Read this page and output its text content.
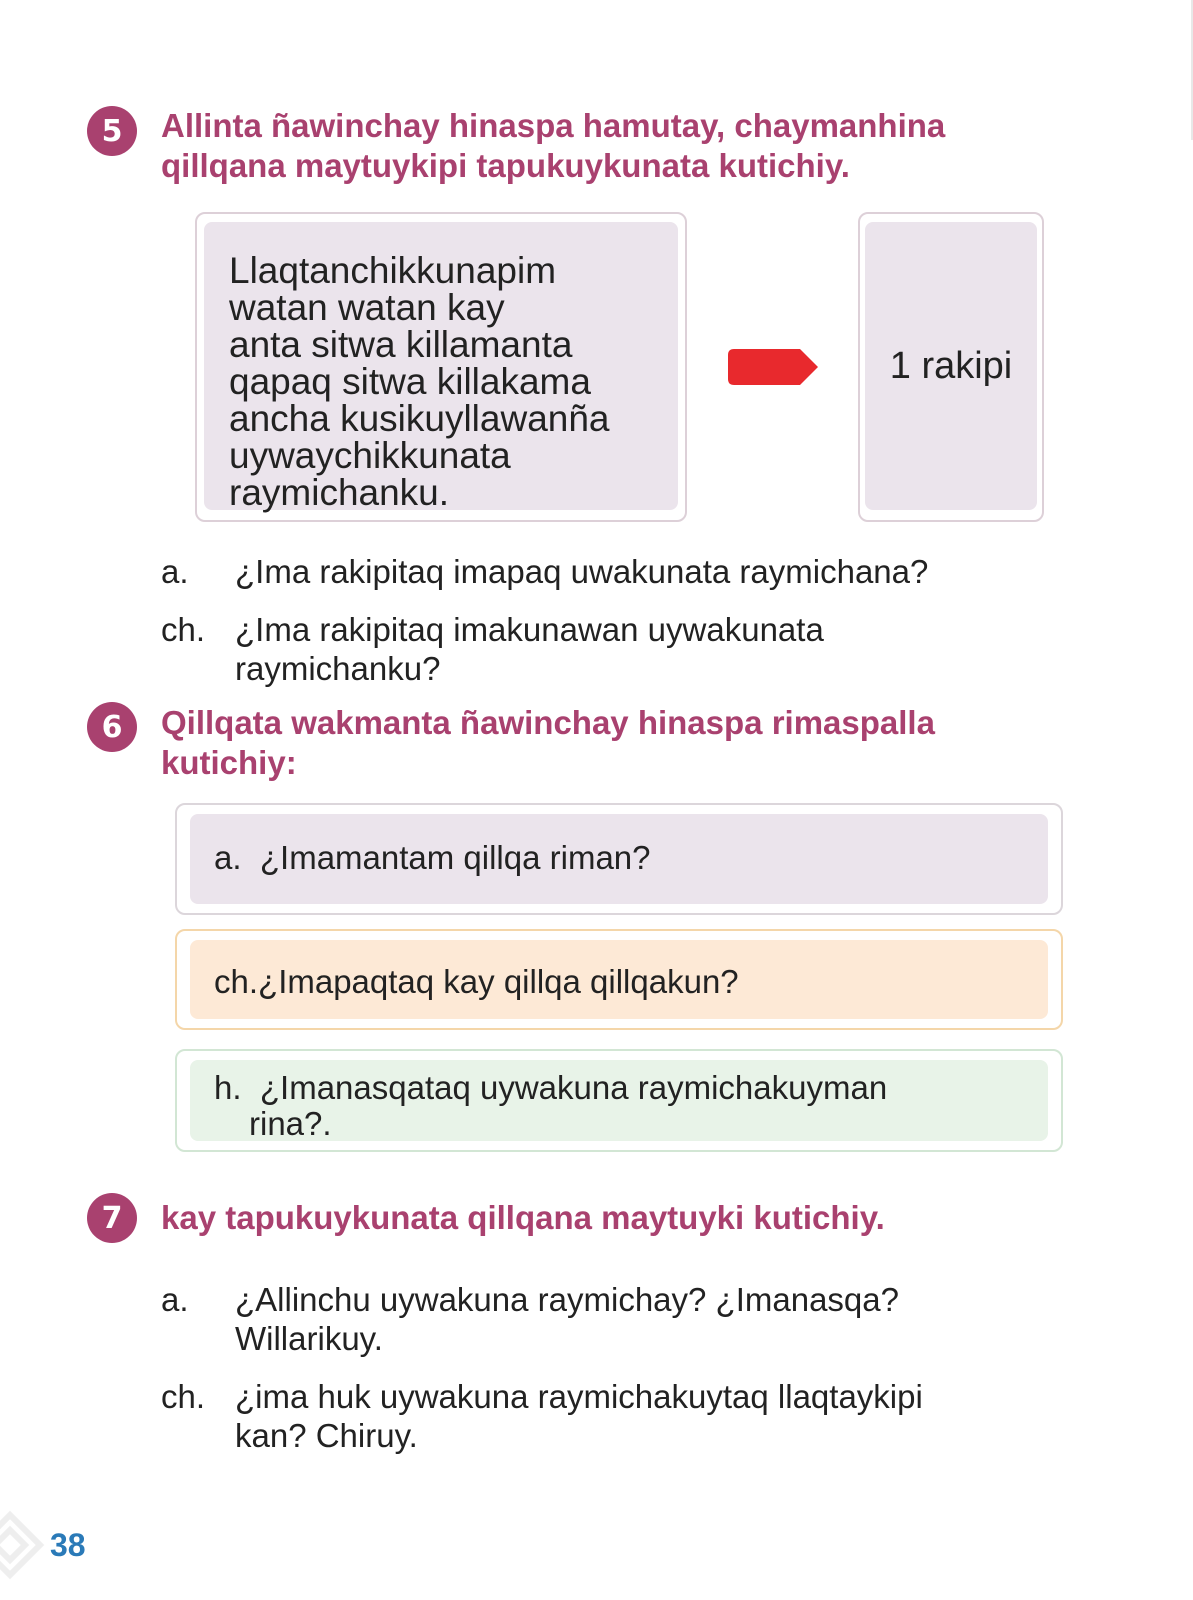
5	Allinta ñawinchay hinaspa hamutay, chaymanhina
qillqana maytuykipi tapukuykunata kutichiy.

Llaqtanchikkunapim
watan watan kay
anta sitwa killamanta
qapaq sitwa killakama
ancha kusikuyllawanña
uywaychikkunata
raymichanku.

1 rakipi
a. ¿Ima rakipitaq imapaq uwakunata raymichana?

ch. ¿Ima rakipitaq imakunawan uywakunata
raymichanku?

6	Qillqata wakmanta ñawinchay hinaspa rimaspalla
kutichiy:
a. ¿Imamantam qillqa riman?
ch.¿Imapaqtaq kay qillqa qillqakun?
h. ¿Imanasqataq uywakuna raymichakuyman
rina?.
7	kay tapukuykunata qillqana maytuyki kutichiy.
a. ¿Allinchu uywakuna raymichay? ¿Imanasqa?
Willarikuy.

ch. ¿ima huk uywakuna raymichakuytaq llaqtaykipi
kan? Chiruy.

38
